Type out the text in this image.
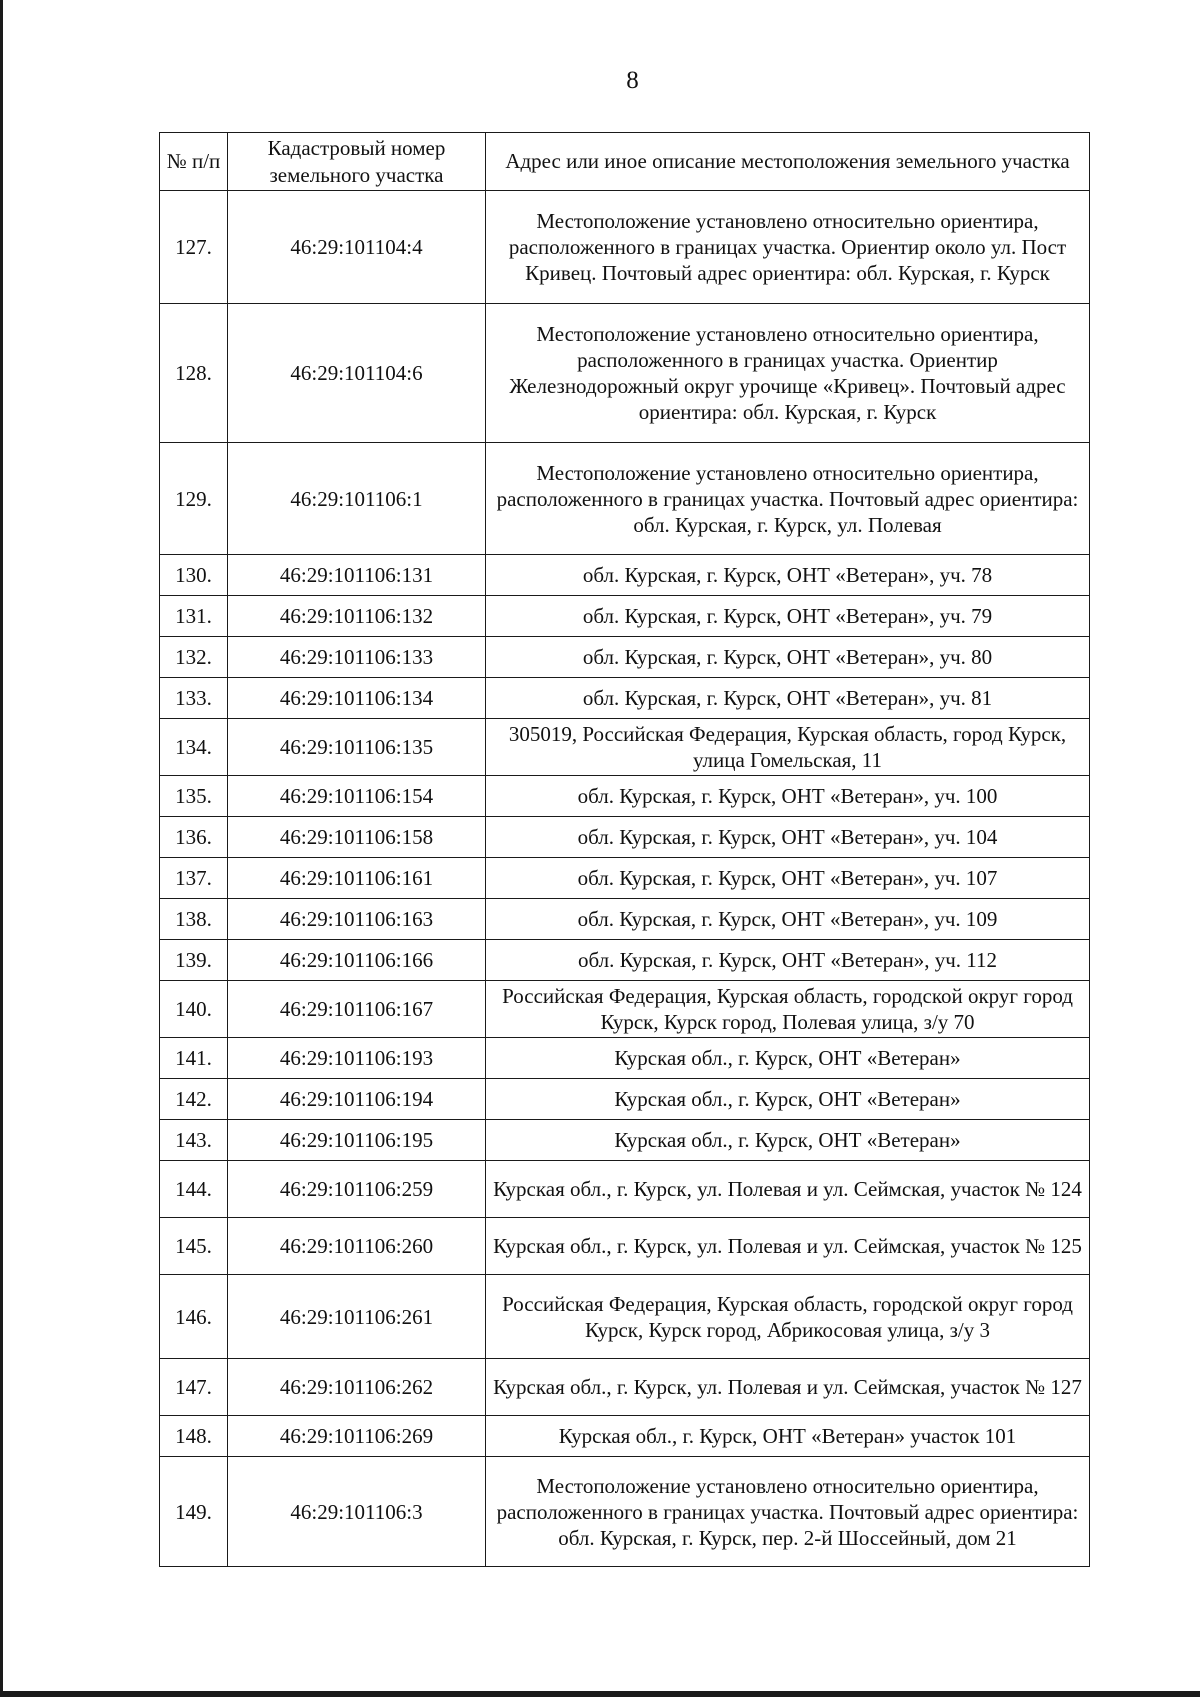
8
№ п/п	Кадастровый номер земельного участка	Адрес или иное описание местоположения земельного участка
127.	46:29:101104:4	Местоположение установлено относительно ориентира, расположенного в границах участка. Ориентир около ул. Пост Кривец. Почтовый адрес ориентира: обл. Курская, г. Курск
128.	46:29:101104:6	Местоположение установлено относительно ориентира, расположенного в границах участка. Ориентир Железнодорожный округ урочище «Кривец». Почтовый адрес ориентира: обл. Курская, г. Курск
129.	46:29:101106:1	Местоположение установлено относительно ориентира, расположенного в границах участка. Почтовый адрес ориентира: обл. Курская, г. Курск, ул. Полевая
130.	46:29:101106:131	обл. Курская, г. Курск, ОНТ «Ветеран», уч. 78
131.	46:29:101106:132	обл. Курская, г. Курск, ОНТ «Ветеран», уч. 79
132.	46:29:101106:133	обл. Курская, г. Курск, ОНТ «Ветеран», уч. 80
133.	46:29:101106:134	обл. Курская, г. Курск, ОНТ «Ветеран», уч. 81
134.	46:29:101106:135	305019, Российская Федерация, Курская область, город Курск, улица Гомельская, 11
135.	46:29:101106:154	обл. Курская, г. Курск, ОНТ «Ветеран», уч. 100
136.	46:29:101106:158	обл. Курская, г. Курск, ОНТ «Ветеран», уч. 104
137.	46:29:101106:161	обл. Курская, г. Курск, ОНТ «Ветеран», уч. 107
138.	46:29:101106:163	обл. Курская, г. Курск, ОНТ «Ветеран», уч. 109
139.	46:29:101106:166	обл. Курская, г. Курск, ОНТ «Ветеран», уч. 112
140.	46:29:101106:167	Российская Федерация, Курская область, городской округ город Курск, Курск город, Полевая улица, з/у 70
141.	46:29:101106:193	Курская обл., г. Курск, ОНТ «Ветеран»
142.	46:29:101106:194	Курская обл., г. Курск, ОНТ «Ветеран»
143.	46:29:101106:195	Курская обл., г. Курск, ОНТ «Ветеран»
144.	46:29:101106:259	Курская обл., г. Курск, ул. Полевая и ул. Сеймская, участок № 124
145.	46:29:101106:260	Курская обл., г. Курск, ул. Полевая и ул. Сеймская, участок № 125
146.	46:29:101106:261	Российская Федерация, Курская область, городской округ город Курск, Курск город, Абрикосовая улица, з/у 3
147.	46:29:101106:262	Курская обл., г. Курск, ул. Полевая и ул. Сеймская, участок № 127
148.	46:29:101106:269	Курская обл., г. Курск, ОНТ «Ветеран» участок 101
149.	46:29:101106:3	Местоположение установлено относительно ориентира, расположенного в границах участка. Почтовый адрес ориентира: обл. Курская, г. Курск, пер. 2-й Шоссейный, дом 21
